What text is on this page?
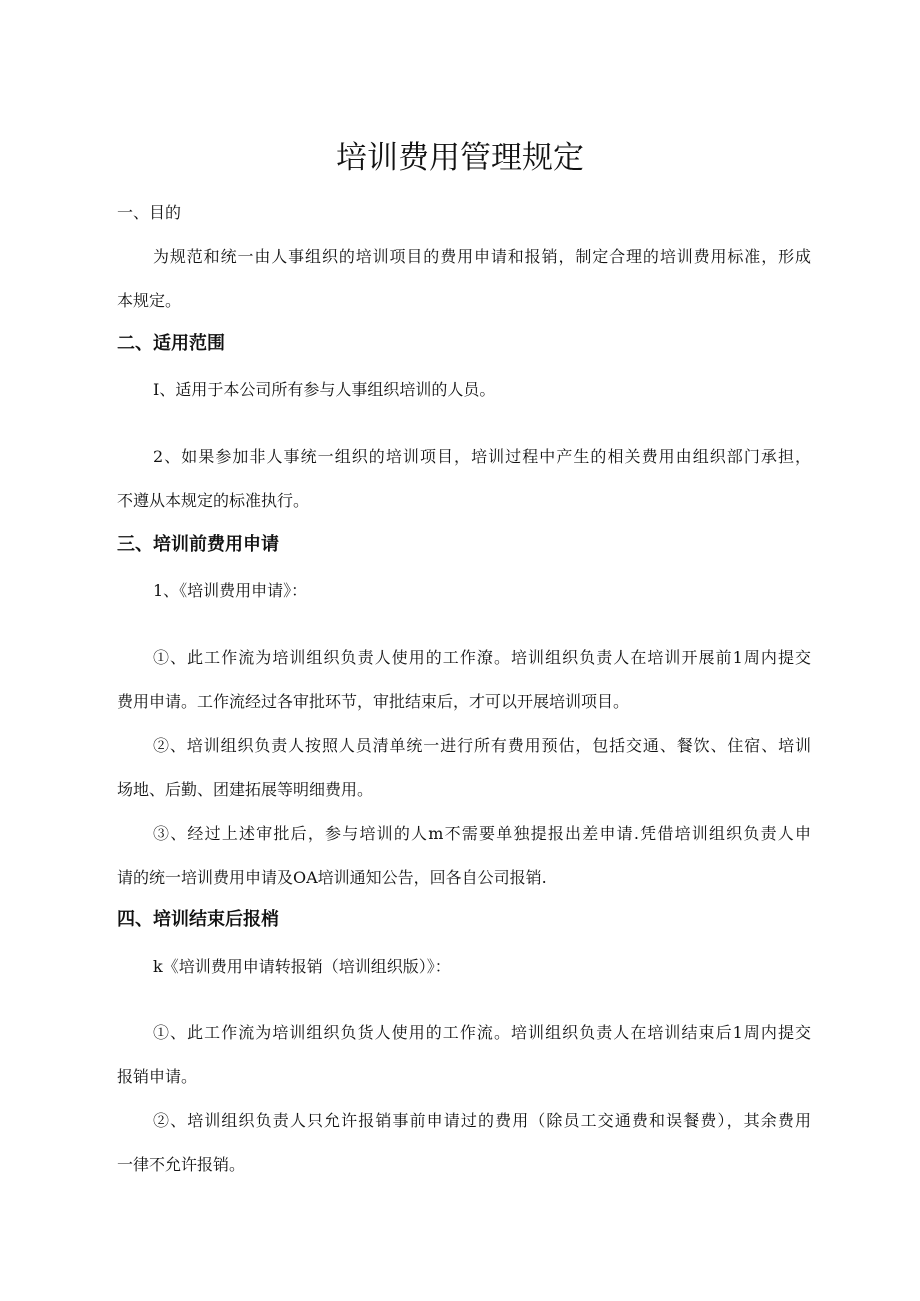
培训费用管理规定
一、目的
为规范和统一由人事组织的培训项目的费用申请和报销，制定合理的培训费用标准，形成
本规定。
二、适用范围
I、适用于本公司所有参与人事组织培训的人员。
2、如果参加非人事统一组织的培训项目，培训过程中产生的相关费用由组织部门承担，
不遵从本规定的标准执行。
三、培训前费用申请
1、《培训费用申请》：
①、此工作流为培训组织负责人使用的工作潦。培训组织负责人在培训开展前1周内提交
费用申请。工作流经过各审批环节，审批结束后，才可以开展培训项目。
②、培训组织负责人按照人员清单统一进行所有费用预估，包括交通、餐饮、住宿、培训
场地、后勤、团建拓展等明细费用。
③、经过上述审批后，参与培训的人m不需要单独提报出差申请.凭借培训组织负责人申
请的统一培训费用申请及OA培训通知公告，回各自公司报销.
四、培训结束后报梢
k《培训费用申请转报销（培训组织版）》：
①、此工作流为培训组织负货人使用的工作流。培训组织负责人在培训结束后1周内提交
报销申请。
②、培训组织负责人只允许报销事前申请过的费用（除员工交通费和误餐费），其余费用
一律不允许报销。
